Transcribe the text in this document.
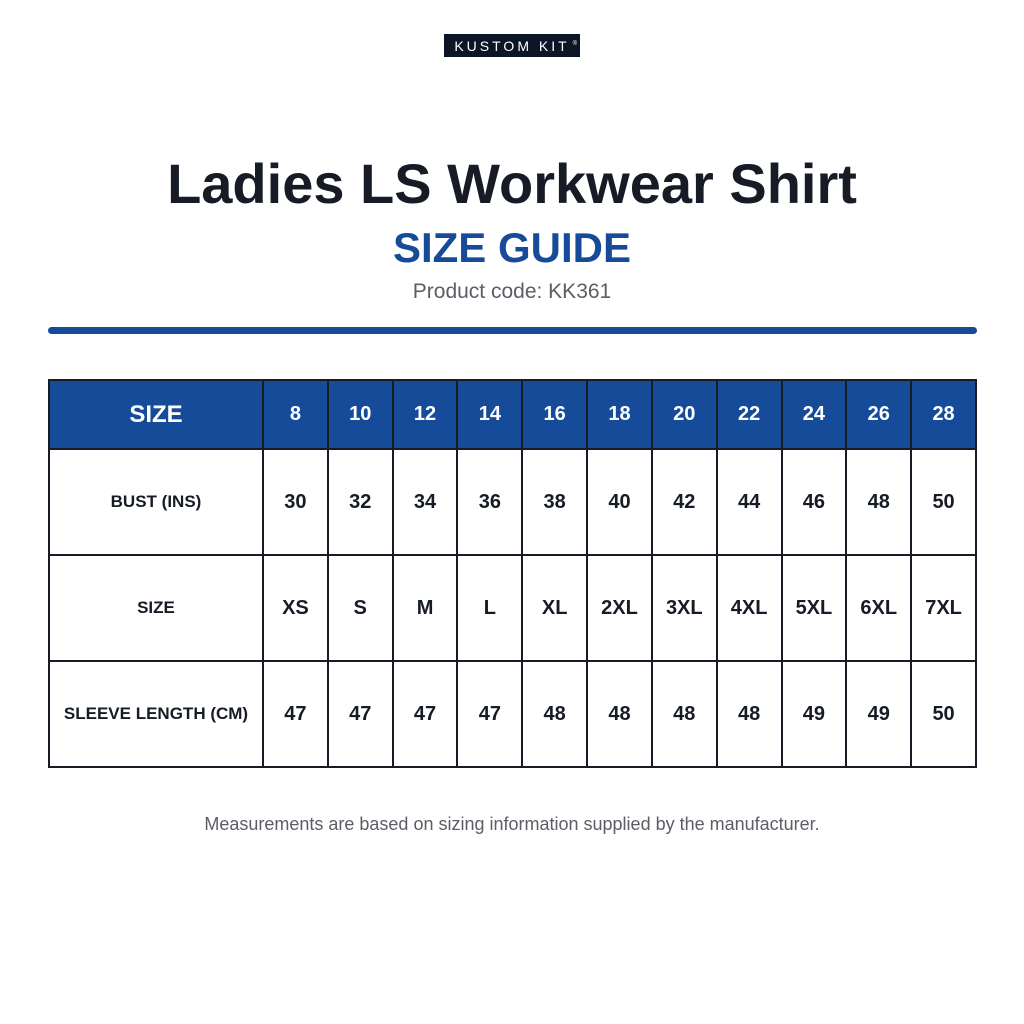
KUSTOM KIT ®
Ladies LS Workwear Shirt
SIZE GUIDE
Product code: KK361
SIZE	8	10	12	14	16	18	20	22	24	26	28
BUST (INS)	30	32	34	36	38	40	42	44	46	48	50
SIZE	XS	S	M	L	XL	2XL	3XL	4XL	5XL	6XL	7XL
SLEEVE LENGTH (CM)	47	47	47	47	48	48	48	48	49	49	50
Measurements are based on sizing information supplied by the manufacturer.
